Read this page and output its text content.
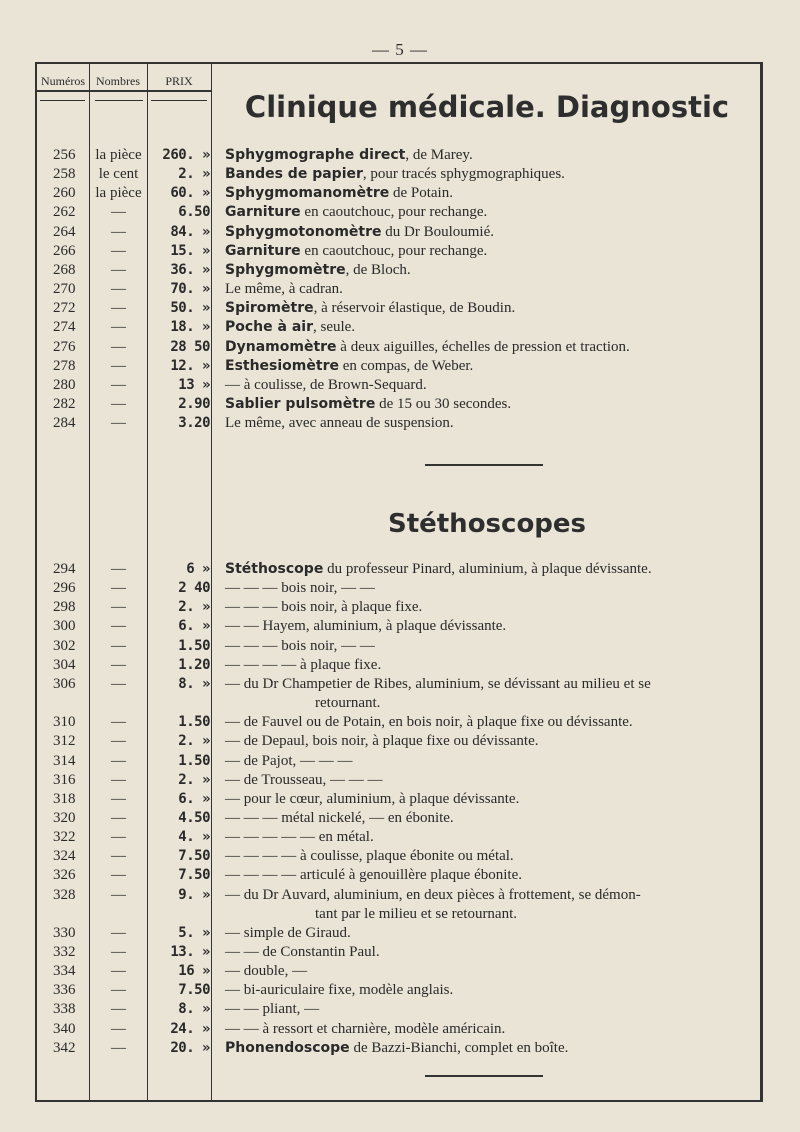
— 5 —
Numéros Nombres	PRIX
Clinique médicale. Diagnostic
256	la pièce	260. » Sphygmographe direct, de Marey.
258	le cent	2. » Bandes de papier, pour tracés sphygmographiques.
260	la pièce	60. » Sphygmomanomètre de Potain.
262	—	6.50 Garniture en caoutchouc, pour rechange.
264	—	84. » Sphygmotonomètre du Dr Bouloumié.
266	—	15. » Garniture en caoutchouc, pour rechange.
268	—	36. » Sphygmomètre, de Bloch.
270	—	70. » Le même, à cadran.
272	—	50. » Spiromètre, à réservoir élastique, de Boudin.
274	—	18. » Poche à air, seule.
276	—	28 50 Dynamomètre à deux aiguilles, échelles de pression et traction.
278	—	12. » Esthesiomètre en compas, de Weber.
280	—	13 » — à coulisse, de Brown-Sequard.
282	—	2.90 Sablier pulsomètre de 15 ou 30 secondes.
284	—	3.20 Le même, avec anneau de suspension.
Stéthoscopes
294	—	6 » Stéthoscope du professeur Pinard, aluminium, à plaque dévissante.
296	—	2 40 — — — bois noir, — —
298	—	2. » — — — bois noir, à plaque fixe.
300	—	6. » — — Hayem, aluminium, à plaque dévissante.
302	—	1.50 — — — bois noir, — —
304	—	1.20 — — — — à plaque fixe.
306	—	8. » — du Dr Champetier de Ribes, aluminium, se dévissant au milieu et se
retournant.
310	—	1.50 — de Fauvel ou de Potain, en bois noir, à plaque fixe ou dévissante.
312	—	2. » — de Depaul, bois noir, à plaque fixe ou dévissante.
314	—	1.50 — de Pajot, — — —
316	—	2. » — de Trousseau, — — —
318	—	6. » — pour le cœur, aluminium, à plaque dévissante.
320	—	4.50 — — — métal nickelé, — en ébonite.
322	—	4. » — — — — — en métal.
324	—	7.50 — — — — à coulisse, plaque ébonite ou métal.
326	—	7.50 — — — — articulé à genouillère plaque ébonite.
328	—	9. » — du Dr Auvard, aluminium, en deux pièces à frottement, se démon-
tant par le milieu et se retournant.
330	—	5. » — simple de Giraud.
332	—	13. » — — de Constantin Paul.
334	—	16 » — double, —
336	—	7.50 — bi-auriculaire fixe, modèle anglais.
338	—	8. » — — pliant, —
340	—	24. » — — à ressort et charnière, modèle américain.
342	—	20. » Phonendoscope de Bazzi-Bianchi, complet en boîte.
